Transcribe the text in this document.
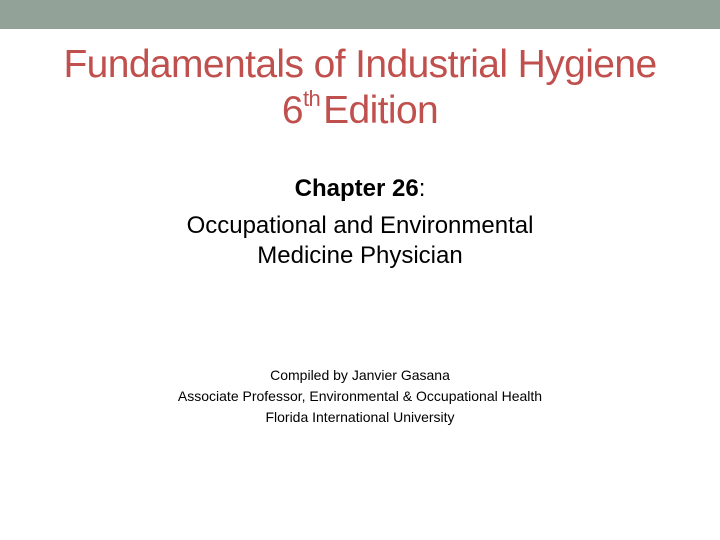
Fundamentals of Industrial Hygiene
6thEdition
Chapter 26:
Occupational and Environmental
Medicine Physician
Compiled by Janvier Gasana
Associate Professor, Environmental & Occupational Health
Florida International University
